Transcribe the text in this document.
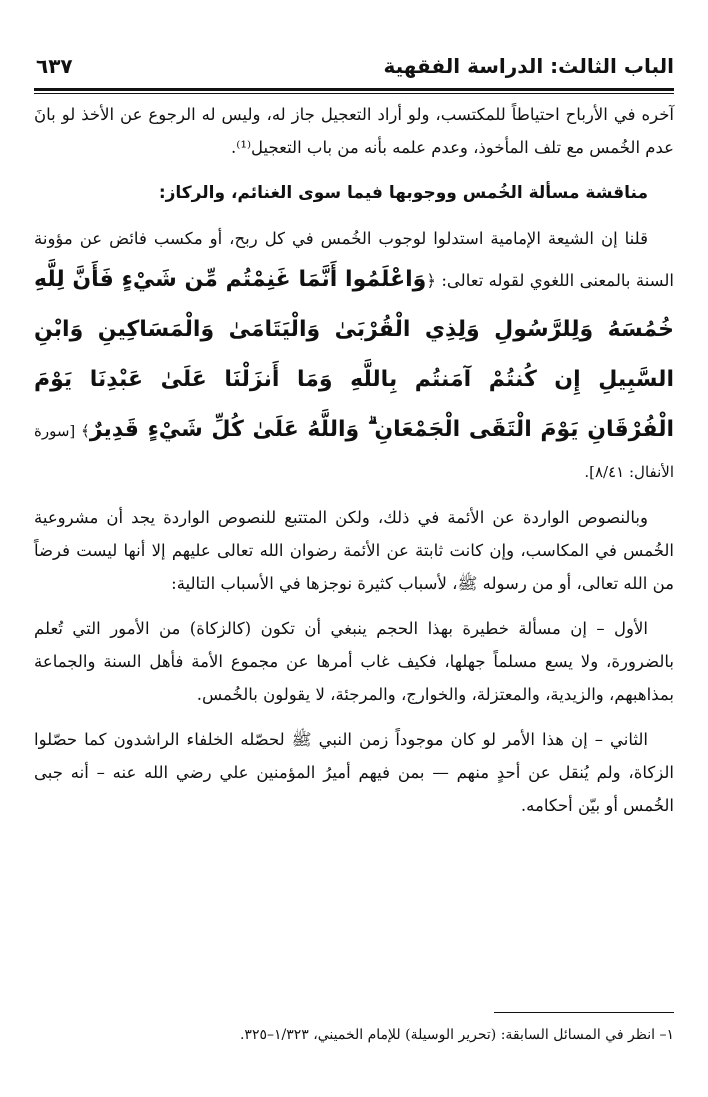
الباب الثالث: الدراسة الفقهية
٦٣٧

آخره في الأرباح احتياطاً للمكتسب، ولو أراد التعجيل جاز له، وليس له الرجوع عن الأخذ لو بانَ عدم الخُمس مع تلف المأخوذ، وعدم علمه بأنه من باب التعجيل⁽¹⁾.

مناقشة مسألة الخُمس ووجوبها فيما سوى الغنائم، والركاز:

قلنا إن الشيعة الإمامية استدلوا لوجوب الخُمس في كل ربح، أو مكسب فائض عن مؤونة السنة بالمعنى اللغوي لقوله تعالى: ﴿وَاعْلَمُوا أَنَّمَا غَنِمْتُم مِّن شَيْءٍ فَأَنَّ لِلَّهِ خُمُسَهُ وَلِلرَّسُولِ وَلِذِي الْقُرْبَىٰ وَالْيَتَامَىٰ وَالْمَسَاكِينِ وَابْنِ السَّبِيلِ إِن كُنتُمْ آمَنتُم بِاللَّهِ وَمَا أَنزَلْنَا عَلَىٰ عَبْدِنَا يَوْمَ الْفُرْقَانِ يَوْمَ الْتَقَى الْجَمْعَانِ ۗ وَاللَّهُ عَلَىٰ كُلِّ شَيْءٍ قَدِيرٌ﴾ [سورة الأنفال: ٨/٤١].

وبالنصوص الواردة عن الأئمة في ذلك، ولكن المتتبع للنصوص الواردة يجد أن مشروعية الخُمس في المكاسب، وإن كانت ثابتة عن الأئمة رضوان الله تعالى عليهم إلا أنها ليست فرضاً من الله تعالى، أو من رسوله ﷺ، لأسباب كثيرة نوجزها في الأسباب التالية:

الأول – إن مسألة خطيرة بهذا الحجم ينبغي أن تكون (كالزكاة) من الأمور التي تُعلم بالضرورة، ولا يسع مسلماً جهلها، فكيف غاب أمرها عن مجموع الأمة فأهل السنة والجماعة بمذاهبهم، والزيدية، والمعتزلة، والخوارج، والمرجئة، لا يقولون بالخُمس.

الثاني – إن هذا الأمر لو كان موجوداً زمن النبي ﷺ لحصّله الخلفاء الراشدون كما حصّلوا الزكاة، ولم يُنقل عن أحدٍ منهم — بمن فيهم أميرُ المؤمنين علي رضي الله عنه – أنه جبى الخُمس أو بيّن أحكامه.

١– انظر في المسائل السابقة: (تحرير الوسيلة) للإمام الخميني، ١/٣٢٣–٣٢٥.
